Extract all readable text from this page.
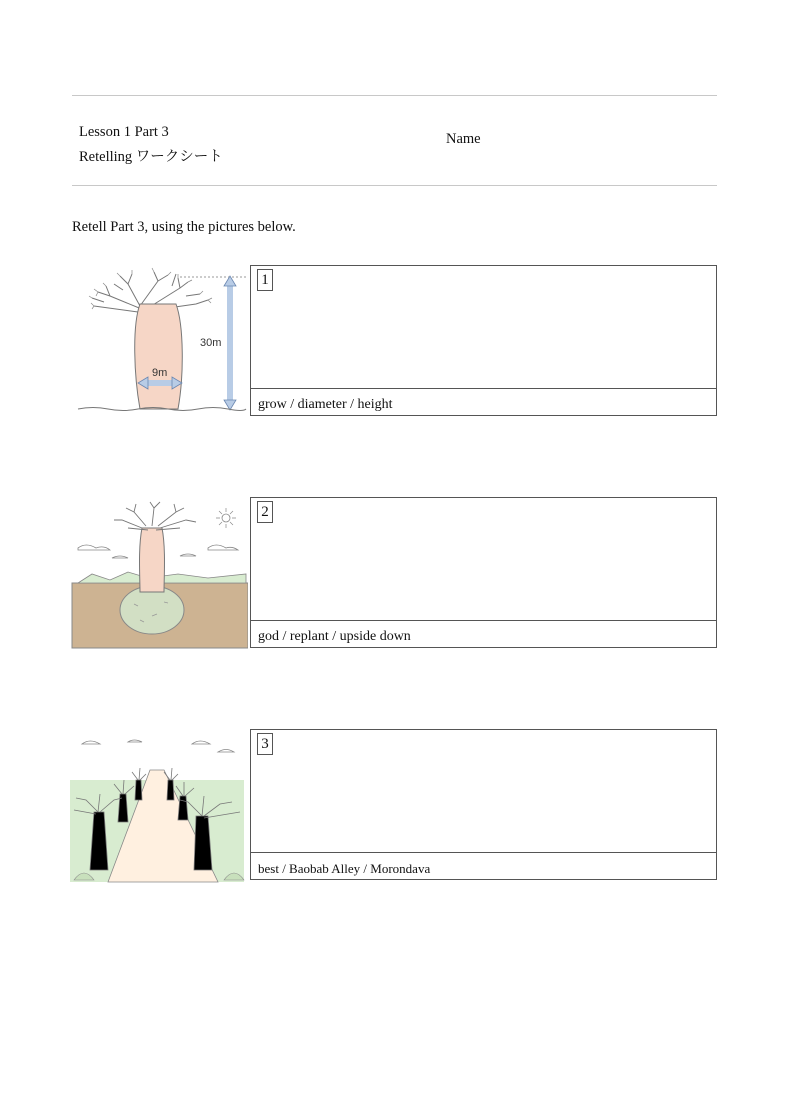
Lesson 1 Part 3
Retelling ワークシート
Name
Retell Part 3, using the pictures below.
30m
9m
1
grow / diameter / height
2
god / replant / upside down
3
best / Baobab Alley / Morondava
